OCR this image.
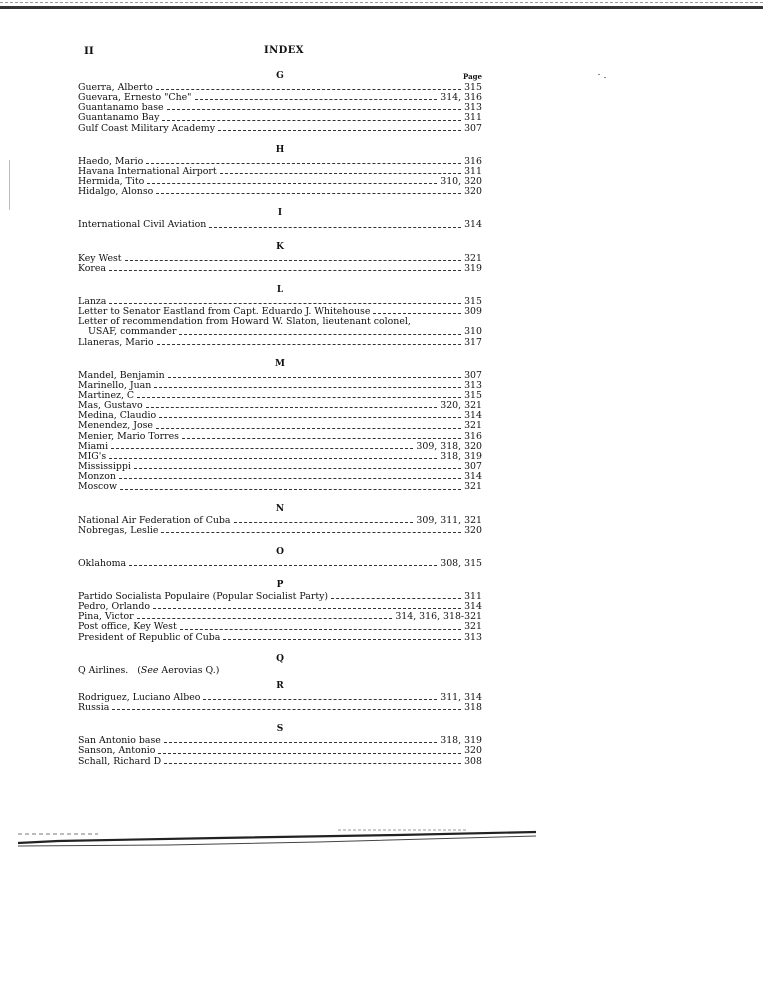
II	INDEX
G	Page
Guerra, Alberto	315
Guevara, Ernesto "Che"	314, 316
Guantanamo base	313
Guantanamo Bay	311
Gulf Coast Military Academy	307
H
Haedo, Mario	316
Havana International Airport	311
Hermida, Tito	310, 320
Hidalgo, Alonso	320
I
International Civil Aviation	314
K
Key West	321
Korea	319
L
Lanza	315
Letter to Senator Eastland from Capt. Eduardo J. Whitehouse	309
Letter of recommendation from Howard W. Slaton, lieutenant colonel,
USAF, commander	310
Llaneras, Mario	317
M
Mandel, Benjamin	307
Marinello, Juan	313
Martinez, C	315
Mas, Gustavo	320, 321
Medina, Claudio	314
Menendez, Jose	321
Menier, Mario Torres	316
Miami	309, 318, 320
MIG's	318, 319
Mississippi	307
Monzon	314
Moscow	321
N
National Air Federation of Cuba	309, 311, 321
Nobregas, Leslie	320
O
Oklahoma	308, 315
P
Partido Socialista Populaire (Popular Socialist Party)	311
Pedro, Orlando	314
Pina, Victor	314, 316, 318-321
Post office, Key West	321
President of Republic of Cuba	313
Q
Q Airlines.   (See Aerovias Q.)
R
Rodriguez, Luciano Albeo	311, 314
Russia	318
S
San Antonio base	318, 319
Sanson, Antonio	320
Schall, Richard D	308
